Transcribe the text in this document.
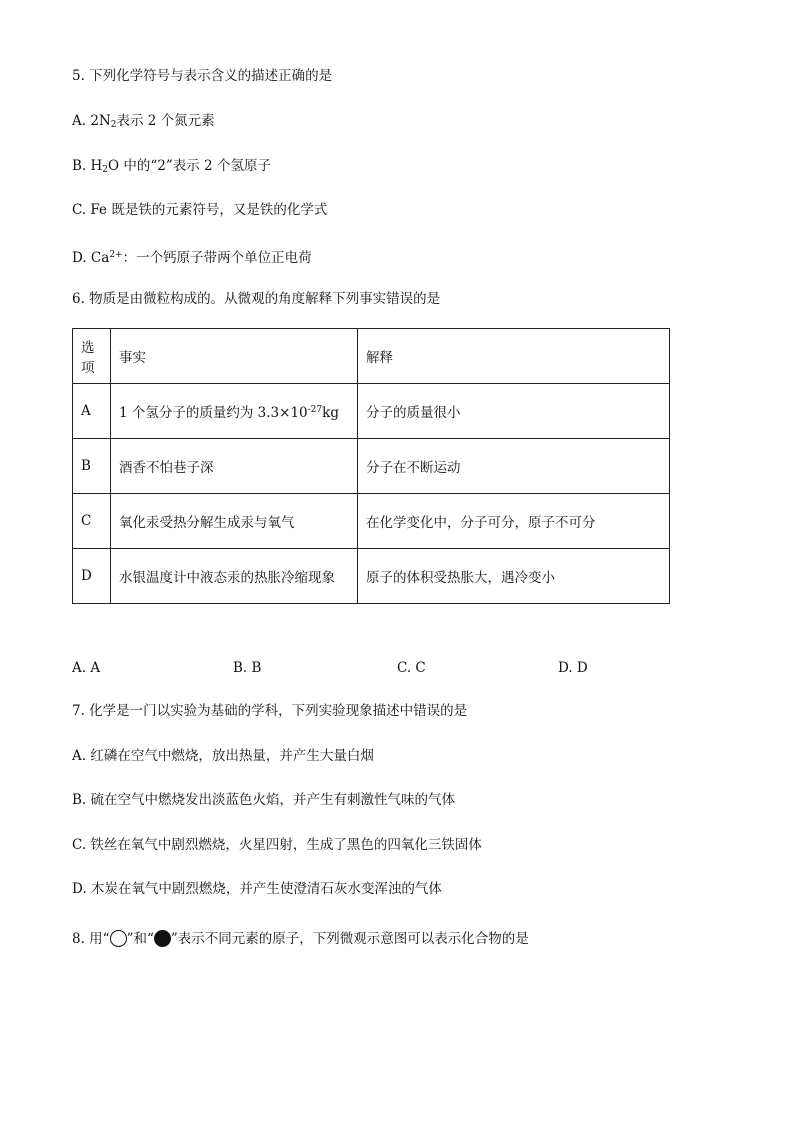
5. 下列化学符号与表示含义的描述正确的是
A. $2N_2$表示 2 个氮元素
B. $H_2O$ 中的“2”表示 2 个氢原子
C. Fe 既是铁的元素符号，又是铁的化学式
D. $Ca^{2+}$：一个钙原子带两个单位正电荷
6. 物质是由微粒构成的。从微观的角度解释下列事实错误的是
选项	事实	解释
A	1 个氢分子的质量约为 $3.3\times 10^{-27}kg$	分子的质量很小
B	酒香不怕巷子深	分子在不断运动
C	氧化汞受热分解生成汞与氧气	在化学变化中，分子可分，原子不可分
D	水银温度计中液态汞的热胀冷缩现象	原子的体积受热胀大，遇冷变小
A. A	B. B	C. C	D. D
7. 化学是一门以实验为基础的学科，下列实验现象描述中错误的是
A. 红磷在空气中燃烧，放出热量，并产生大量白烟
B. 硫在空气中燃烧发出淡蓝色火焰，并产生有刺激性气味的气体
C. 铁丝在氧气中剧烈燃烧，火星四射，生成了黑色的四氧化三铁固体
D. 木炭在氧气中剧烈燃烧，并产生使澄清石灰水变浑浊的气体
8. 用“ ”和“ ”表示不同元素的原子，下列微观示意图可以表示化合物的是
